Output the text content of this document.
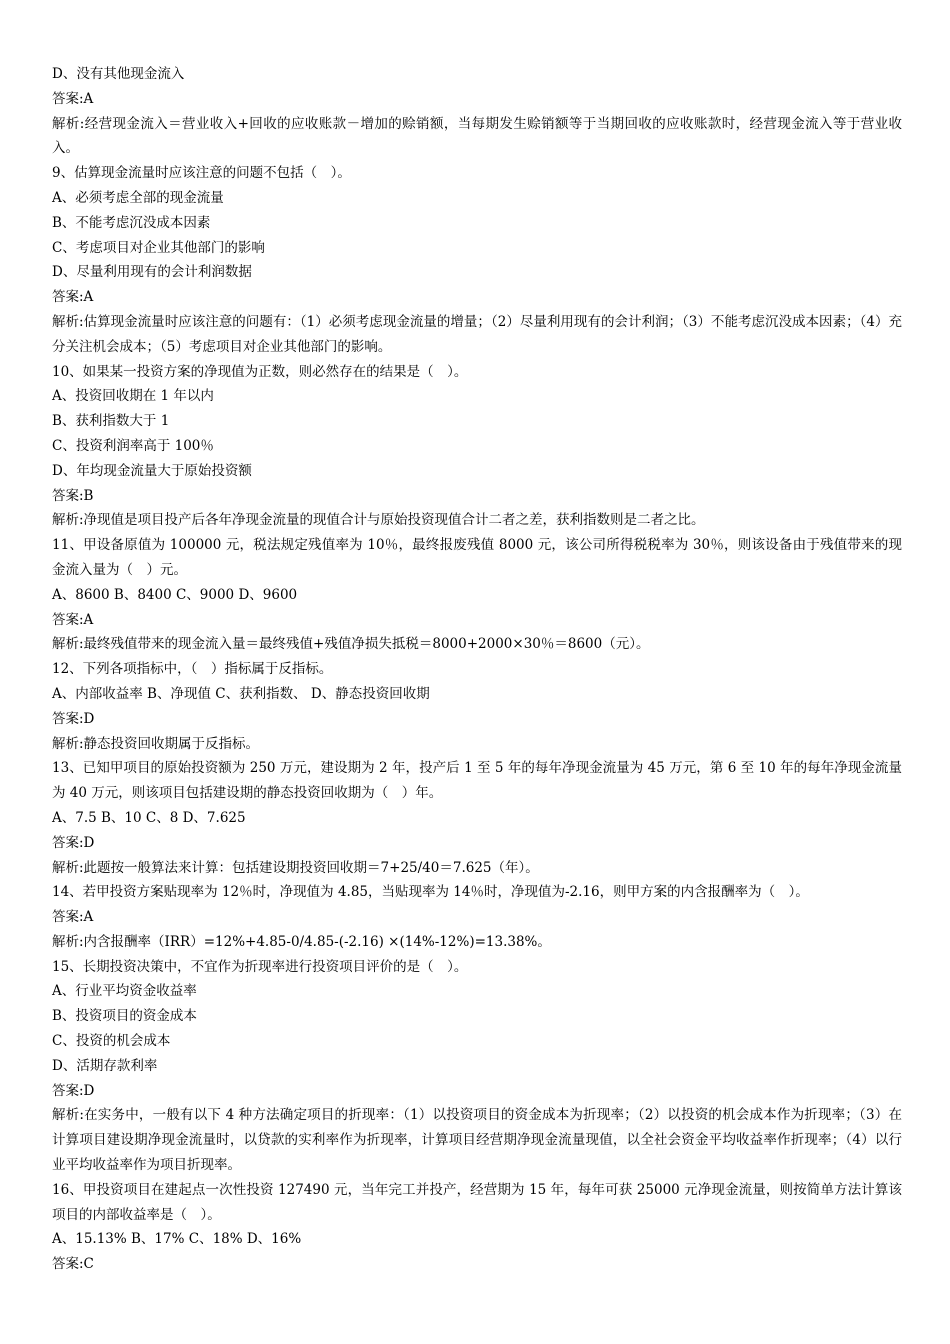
D、没有其他现金流入

答案:A

解析:经营现金流入＝营业收入+回收的应收账款－增加的赊销额，当每期发生赊销额等于当期回收的应收账款时，经营现金流入等于营业收入。

9、估算现金流量时应该注意的问题不包括（　）。

A、必须考虑全部的现金流量

B、不能考虑沉没成本因素

C、考虑项目对企业其他部门的影响

D、尽量利用现有的会计利润数据

答案:A

解析:估算现金流量时应该注意的问题有：（1）必须考虑现金流量的增量；（2）尽量利用现有的会计利润；（3）不能考虑沉没成本因素；（4）充分关注机会成本；（5）考虑项目对企业其他部门的影响。

10、如果某一投资方案的净现值为正数，则必然存在的结果是（　）。

A、投资回收期在 1 年以内

B、获利指数大于 1

C、投资利润率高于 100％

D、年均现金流量大于原始投资额

答案:B

解析:净现值是项目投产后各年净现金流量的现值合计与原始投资现值合计二者之差，获利指数则是二者之比。

11、甲设备原值为 100000 元，税法规定残值率为 10％，最终报废残值 8000 元，该公司所得税税率为 30％，则该设备由于残值带来的现金流入量为（　）元。

A、8600 B、8400 C、9000 D、9600

答案:A

解析:最终残值带来的现金流入量＝最终残值+残值净损失抵税＝8000+2000×30％＝8600（元）。

12、下列各项指标中，（　）指标属于反指标。

A、内部收益率 B、净现值 C、获利指数、 D、静态投资回收期

答案:D

解析:静态投资回收期属于反指标。

13、已知甲项目的原始投资额为 250 万元，建设期为 2 年，投产后 1 至 5 年的每年净现金流量为 45 万元，第 6 至 10 年的每年净现金流量为 40 万元，则该项目包括建设期的静态投资回收期为（　）年。

A、7.5 B、10 C、8 D、7.625

答案:D

解析:此题按一般算法来计算：包括建设期投资回收期＝7+25/40＝7.625（年）。

14、若甲投资方案贴现率为 12％时，净现值为 4.85，当贴现率为 14％时，净现值为-2.16，则甲方案的内含报酬率为（　）。

答案:A

解析:内含报酬率（IRR）=12%+4.85-0/4.85-(-2.16) ×(14%-12%)=13.38%。

15、长期投资决策中，不宜作为折现率进行投资项目评价的是（　）。

A、行业平均资金收益率

B、投资项目的资金成本

C、投资的机会成本

D、活期存款利率

答案:D

解析:在实务中，一般有以下 4 种方法确定项目的折现率：（1）以投资项目的资金成本为折现率；（2）以投资的机会成本作为折现率；（3）在计算项目建设期净现金流量时，以贷款的实利率作为折现率，计算项目经营期净现金流量现值，以全社会资金平均收益率作折现率；（4）以行业平均收益率作为项目折现率。

16、甲投资项目在建起点一次性投资 127490 元，当年完工并投产，经营期为 15 年，每年可获 25000 元净现金流量，则按简单方法计算该项目的内部收益率是（　）。

A、15.13% B、17% C、18% D、16%

答案:C
